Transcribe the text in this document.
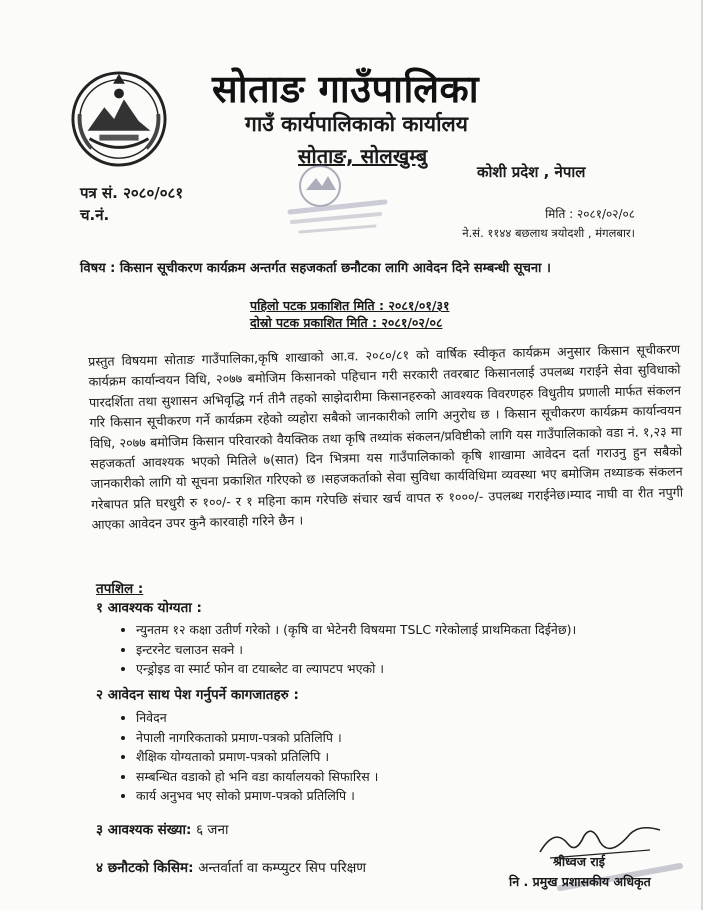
सोताङ गाउँपालिका
गाउँ कार्यपालिकाको कार्यालय
सोताङ, सोलखुम्बु
कोशी प्रदेश , नेपाल
पत्र सं. २०८०/०८१
च.नं.	मिति : २०८१/०२/०८
ने.सं. ११४४ बछलाथ त्रयोदशी , मंगलबार।
विषय : किसान सूचीकरण कार्यक्रम अन्तर्गत सहजकर्ता छनौटका लागि आवेदन दिने सम्बन्धी सूचना ।
पहिलो पटक प्रकाशित मिति : २०८१/०१/३१
दोस्रो पटक प्रकाशित मिति : २०८१/०२/०८
प्रस्तुत विषयमा सोताङ गाउँपालिका,कृषि शाखाको आ.व. २०८०/८१ को वार्षिक स्वीकृत कार्यक्रम अनुसार किसान सूचीकरण कार्यक्रम कार्यान्वयन विधि, २०७७ बमोजिम किसानको पहिचान गरी सरकारी तवरबाट किसानलाई उपलब्ध गराईने सेवा सुविधाको पारदर्शिता तथा सुशासन अभिवृद्धि गर्न तीनै तहको साझेदारीमा किसानहरुको आवश्यक विवरणहरु विधुतीय प्रणाली मार्फत संकलन गरि किसान सूचीकरण गर्ने कार्यक्रम रहेको व्यहोरा सबैको जानकारीको लागि अनुरोध छ । किसान सूचीकरण कार्यक्रम कार्यान्वयन विधि, २०७७ बमोजिम किसान परिवारको वैयक्तिक तथा कृषि तथ्यांक संकलन/प्रविष्टीको लागि यस गाउँपालिकाको वडा नं. १,२३ मा सहजकर्ता आवश्यक भएको मितिले ७(सात) दिन भित्रमा यस गाउँपालिकाको कृषि शाखामा आवेदन दर्ता गराउनु हुन सबैको जानकारीको लागि यो सूचना प्रकाशित गरिएको छ ।सहजकर्ताको सेवा सुविधा कार्यविधिमा व्यवस्था भए बमोजिम तथ्याङक संकलन गरेबापत प्रति घरधुरी रु १००/- र १ महिना काम गरेपछि संचार खर्च वापत रु १०००/- उपलब्ध गराईनेछ।म्याद नाघी वा रीत नपुगी आएका आवेदन उपर कुनै कारवाही गरिने छैन ।
तपशिल :
१ आवश्यक योग्यता :
• न्युनतम १२ कक्षा उतीर्ण गरेको । (कृषि वा भेटेनरी विषयमा TSLC गरेकोलाई प्राथमिकता दिईनेछ)।
• इन्टरनेट चलाउन सक्ने ।
• एन्ड्रोइड वा स्मार्ट फोन वा टयाब्लेट वा ल्यापटप भएको ।
२ आवेदन साथ पेश गर्नुपर्ने कागजातहरु :
• निवेदन
• नेपाली नागरिकताको प्रमाण-पत्रको प्रतिलिपि ।
• शैक्षिक योग्यताको प्रमाण-पत्रको प्रतिलिपि ।
• सम्बन्धित वडाको हो भनि वडा कार्यालयको सिफारिस ।
• कार्य अनुभव भए सोको प्रमाण-पत्रको प्रतिलिपि ।
३ आवश्यक संख्या: ६ जना
४ छनौटको किसिम: अन्तर्वार्ता वा कम्प्युटर सिप परिक्षण	श्रीध्वज राई
नि . प्रमुख प्रशासकीय अधिकृत
